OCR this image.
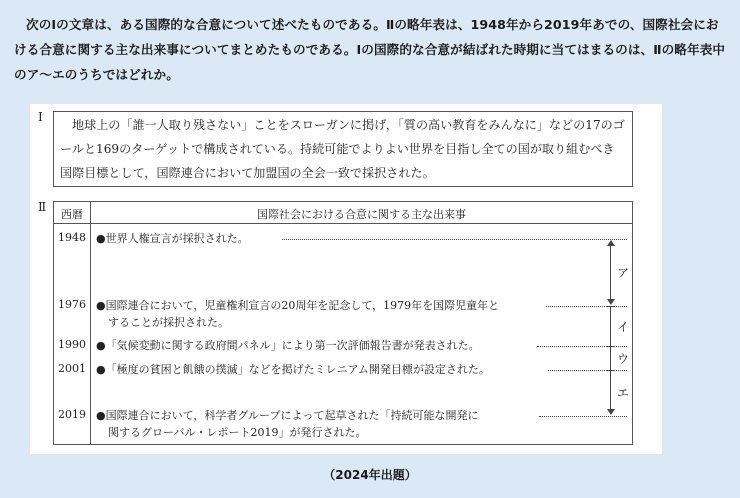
次のⅠの文章は、ある国際的な合意について述べたものである。Ⅱの略年表は、1948年から2019年あでの、国際社会における合意に関する主な出来事についてまとめたものである。Ⅰの国際的な合意が結ばれた時期に当てはまるのは、Ⅱの略年表中のア～エのうちではどれか。
Ⅰ

地球上の「誰一人取り残さない」ことをスローガンに掲げ，「質の高い教育をみんなに」などの17のゴールと169のターゲットで構成されている。持続可能でよりよい世界を目指し全ての国が取り組むべき国際目標として，国際連合において加盟国の全会一致で採択された。

Ⅱ
西暦	国際社会における合意に関する主な出来事
1948 ●世界人権宣言が採択された。
1976 ●国際連合において，児童権利宣言の20周年を記念して，1979年を国際児童年と
することが採択された。
1990 ●「気候変動に関する政府間パネル」により第一次評価報告書が発表された。
2001 ●「極度の貧困と飢餓の撲滅」などを掲げたミレニアム開発目標が設定された。
2019 ●国際連合において，科学者グループによって起草された「持続可能な開発に
関するグローバル・レポート2019」が発行された。
ア
イ
ウ
エ
（2024年出題）
